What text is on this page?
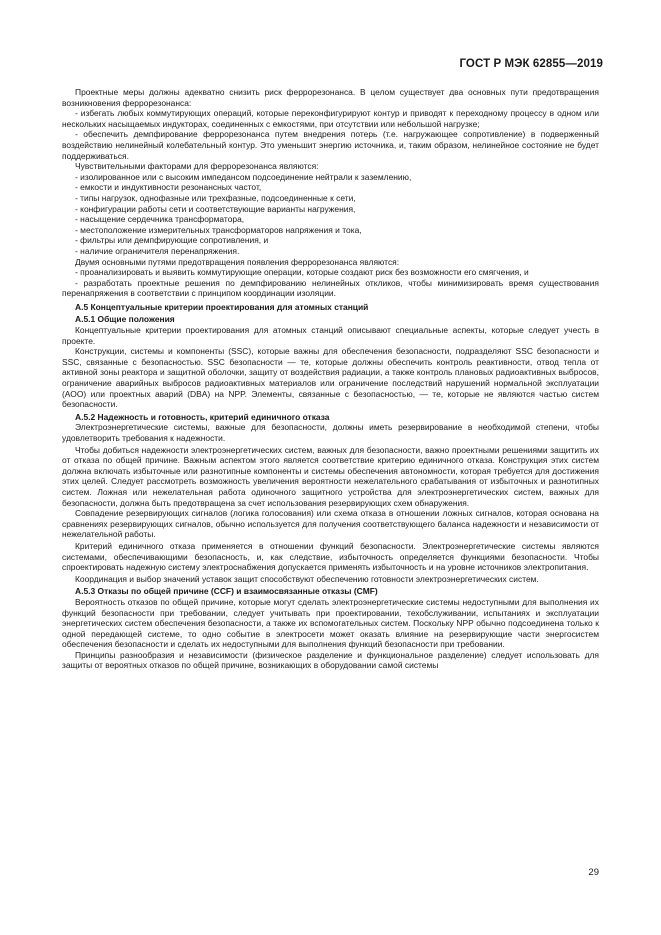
ГОСТ Р МЭК 62855—2019

Проектные меры должны адекватно снизить риск феррорезонанса. В целом существует два основных пути предотвращения возникновения феррорезонанса:

- избегать любых коммутирующих операций, которые переконфигурируют контур и приводят к переходному процессу в одном или нескольких насыщаемых индукторах, соединенных с емкостями, при отсутствии или небольшой нагрузке;

- обеспечить демпфирование феррорезонанса путем внедрения потерь (т.е. нагружающее сопротивление) в подверженный воздействию нелинейный колебательный контур. Это уменьшит энергию источника, и, таким образом, нелинейное состояние не будет поддерживаться.

Чувствительными факторами для феррорезонанса являются:

- изолированное или с высоким импедансом подсоединение нейтрали к заземлению,

- емкости и индуктивности резонансных частот,

- типы нагрузок, однофазные или трехфазные, подсоединенные к сети,

- конфигурации работы сети и соответствующие варианты нагружения,

- насыщение сердечника трансформатора,

- местоположение измерительных трансформаторов напряжения и тока,

- фильтры или демпфирующие сопротивления, и

- наличие ограничителя перенапряжения.

Двумя основными путями предотвращения появления феррорезонанса являются:

- проанализировать и выявить коммутирующие операции, которые создают риск без возможности его смягчения, и

- разработать проектные решения по демпфированию нелинейных откликов, чтобы минимизировать время существования перенапряжения в соответствии с принципом координации изоляции.

А.5 Концептуальные критерии проектирования для атомных станций

А.5.1 Общие положения

Концептуальные критерии проектирования для атомных станций описывают специальные аспекты, которые следует учесть в проекте.

Конструкции, системы и компоненты (SSC), которые важны для обеспечения безопасности, подразделяют SSC безопасности и SSC, связанные с безопасностью. SSC безопасности — те, которые должны обеспечить контроль реактивности, отвод тепла от активной зоны реактора и защитной оболочки, защиту от воздействия радиации, а также контроль плановых радиоактивных выбросов, ограничение аварийных выбросов радиоактивных материалов или ограничение последствий нарушений нормальной эксплуатации (АОО) или проектных аварий (DBA) на NPP. Элементы, связанные с безопасностью, — те, которые не являются частью систем безопасности.

А.5.2 Надежность и готовность, критерий единичного отказа

Электроэнергетические системы, важные для безопасности, должны иметь резервирование в необходимой степени, чтобы удовлетворить требования к надежности.

Чтобы добиться надежности электроэнергетических систем, важных для безопасности, важно проектными решениями защитить их от отказа по общей причине. Важным аспектом этого является соответствие критерию единичного отказа. Конструкция этих систем должна включать избыточные или разнотипные компоненты и системы обеспечения автономности, которая требуется для достижения этих целей. Следует рассмотреть возможность увеличения вероятности нежелательного срабатывания от избыточных и разнотипных систем. Ложная или нежелательная работа одиночного защитного устройства для электроэнергетических систем, важных для безопасности, должна быть предотвращена за счет использования резервирующих схем обнаружения.

Совпадение резервирующих сигналов (логика голосования) или схема отказа в отношении ложных сигналов, которая основана на сравнениях резервирующих сигналов, обычно используется для получения соответствующего баланса надежности и независимости от нежелательной работы.

Критерий единичного отказа применяется в отношении функций безопасности. Электроэнергетические системы являются системами, обеспечивающими безопасность, и, как следствие, избыточность определяется функциями безопасности. Чтобы спроектировать надежную систему электроснабжения допускается применять избыточность и на уровне источников электропитания.

Координация и выбор значений уставок защит способствуют обеспечению готовности электроэнергетических систем.

А.5.3 Отказы по общей причине (CCF) и взаимосвязанные отказы (CMF)

Вероятность отказов по общей причине, которые могут сделать электроэнергетические системы недоступными для выполнения их функций безопасности при требовании, следует учитывать при проектировании, техобслуживании, испытаниях и эксплуатации энергетических систем обеспечения безопасности, а также их вспомогательных систем. Поскольку NPP обычно подсоединена только к одной передающей системе, то одно событие в электросети может оказать влияние на резервирующие части энергосистем обеспечения безопасности и сделать их недоступными для выполнения функций безопасности при требовании.

Принципы разнообразия и независимости (физическое разделение и функциональное разделение) следует использовать для защиты от вероятных отказов по общей причине, возникающих в оборудовании самой системы

29
